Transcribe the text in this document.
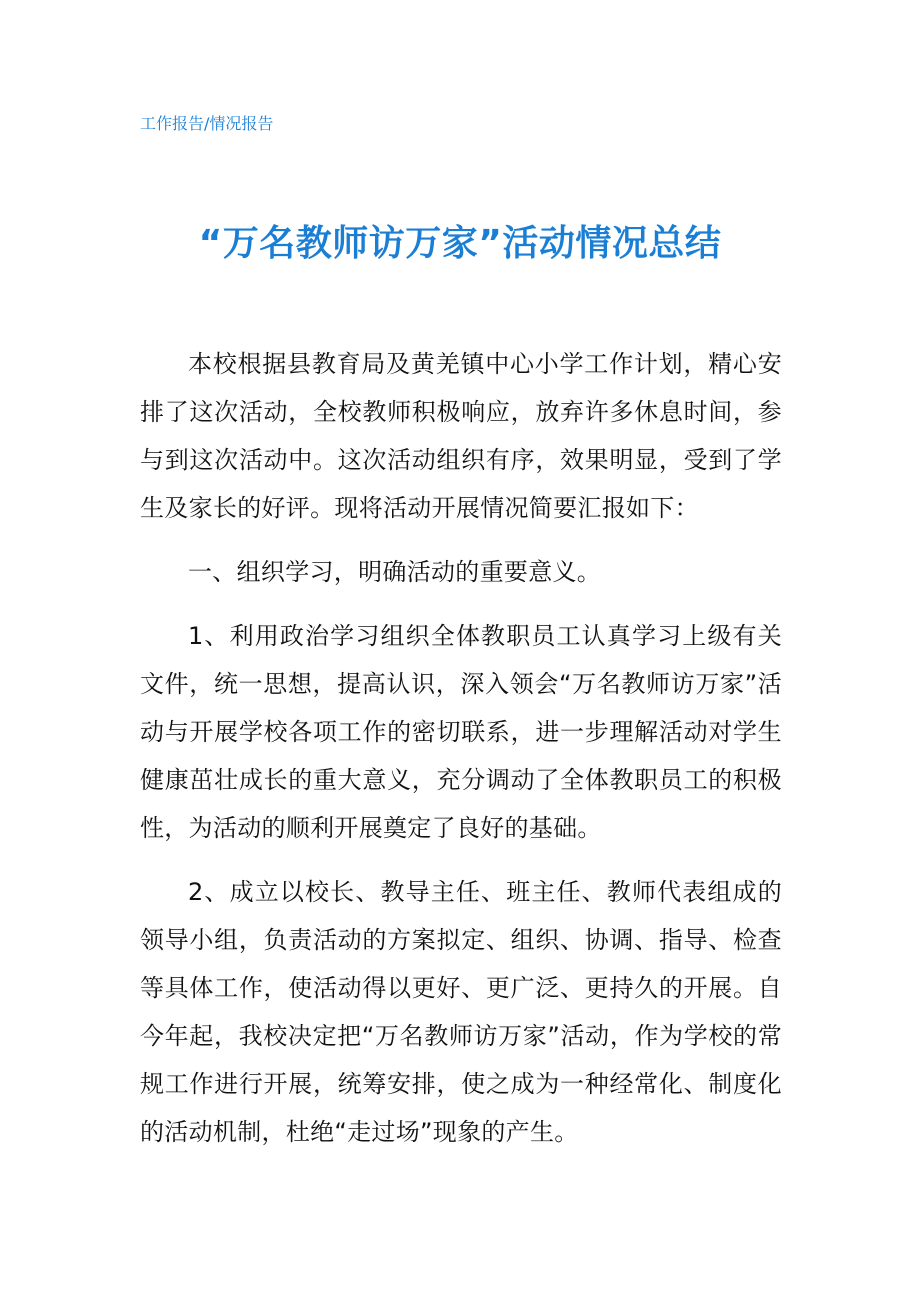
工作报告/情况报告
“万名教师访万家”活动情况总结

本校根据县教育局及黄羌镇中心小学工作计划，精心安排了这次活动，全校教师积极响应，放弃许多休息时间，参与到这次活动中。这次活动组织有序，效果明显，受到了学生及家长的好评。现将活动开展情况简要汇报如下：

一、组织学习，明确活动的重要意义。

1、利用政治学习组织全体教职员工认真学习上级有关文件，统一思想，提高认识，深入领会“万名教师访万家”活动与开展学校各项工作的密切联系，进一步理解活动对学生健康茁壮成长的重大意义，充分调动了全体教职员工的积极性，为活动的顺利开展奠定了良好的基础。

2、成立以校长、教导主任、班主任、教师代表组成的领导小组，负责活动的方案拟定、组织、协调、指导、检查等具体工作，使活动得以更好、更广泛、更持久的开展。自今年起，我校决定把“万名教师访万家”活动，作为学校的常规工作进行开展，统筹安排，使之成为一种经常化、制度化的活动机制，杜绝“走过场”现象的产生。
